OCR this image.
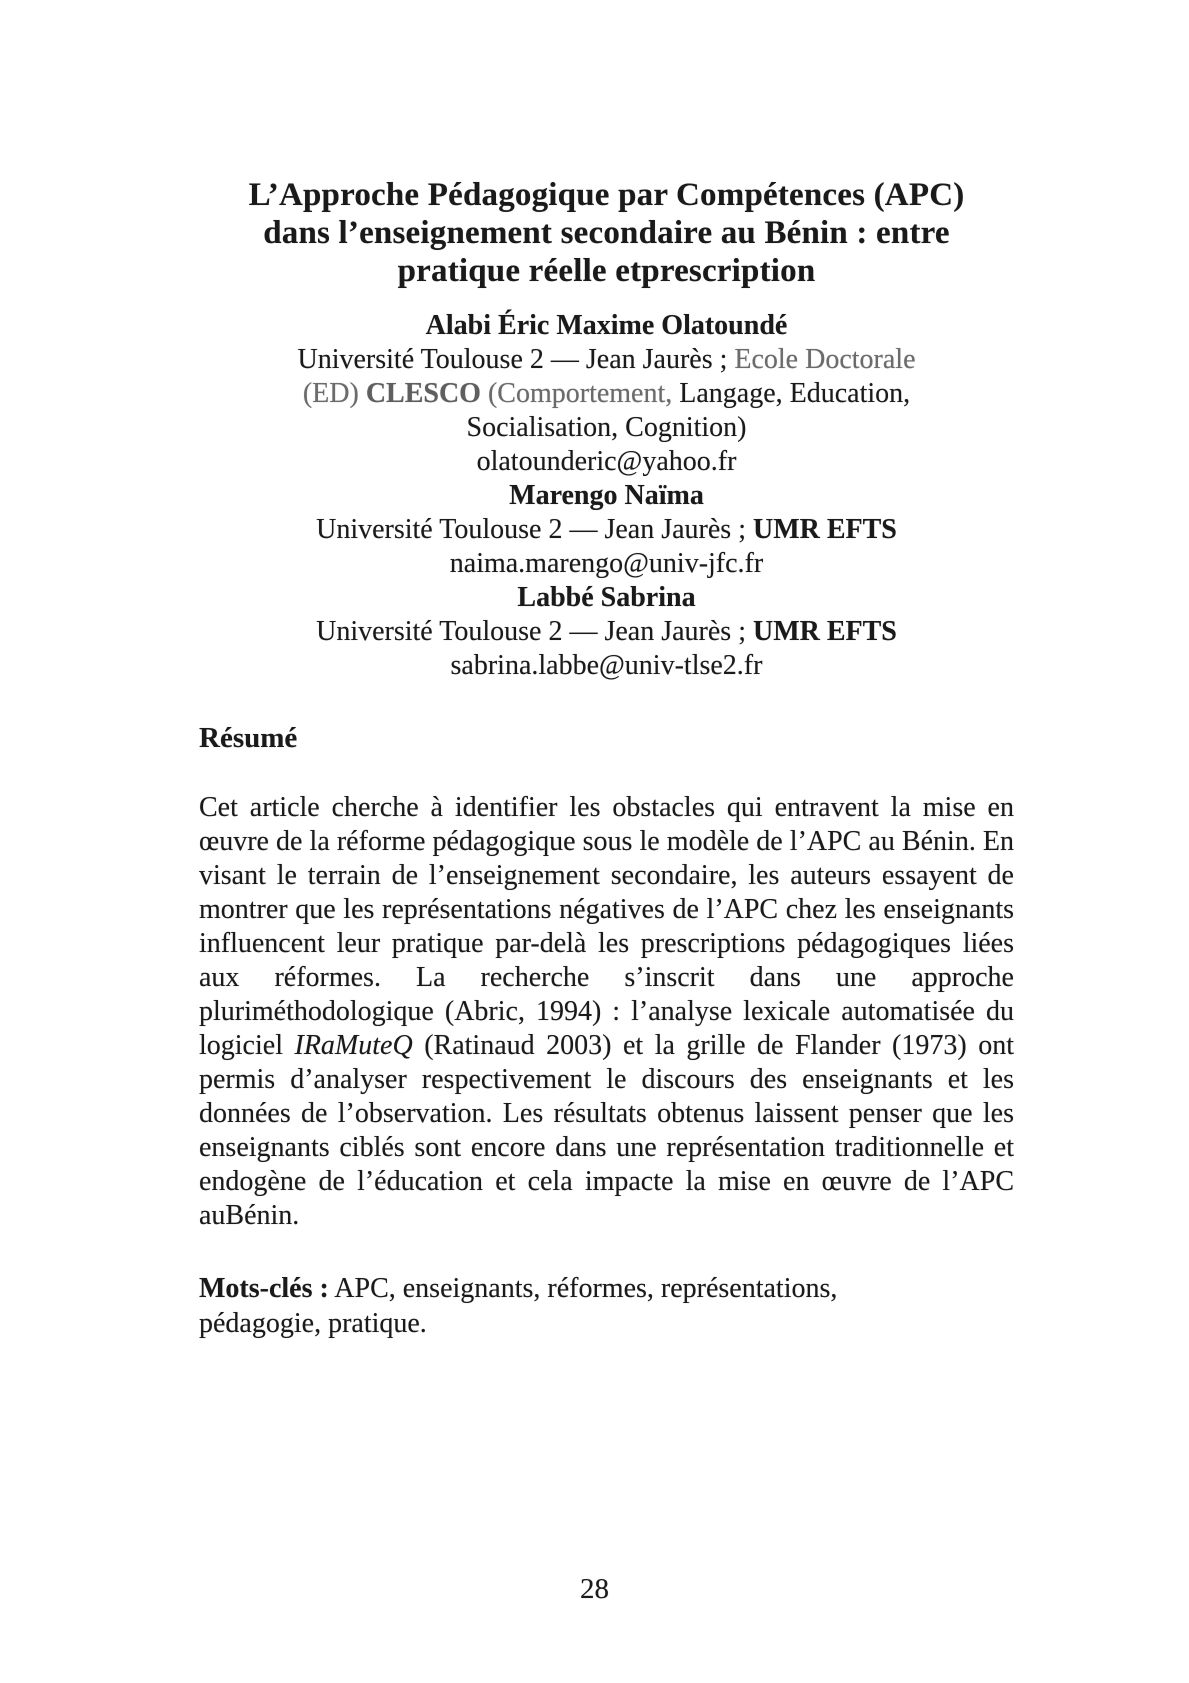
L’Approche Pédagogique par Compétences (APC)
dans l’enseignement secondaire au Bénin : entre
pratique réelle etprescription
Alabi Éric Maxime Olatoundé
Université Toulouse 2 — Jean Jaurès ; Ecole Doctorale
(ED) CLESCO (Comportement, Langage, Education,
Socialisation, Cognition)
olatounderic@yahoo.fr
Marengo Naïma
Université Toulouse 2 — Jean Jaurès ; UMR EFTS
naima.marengo@univ-jfc.fr
Labbé Sabrina
Université Toulouse 2 — Jean Jaurès ; UMR EFTS
sabrina.labbe@univ-tlse2.fr
Résumé
Cet article cherche à identifier les obstacles qui entravent la mise en œuvre de la réforme pédagogique sous le modèle de l’APC au Bénin. En visant le terrain de l’enseignement secondaire, les auteurs essayent de montrer que les représentations négatives de l’APC chez les enseignants influencent leur pratique par-delà les prescriptions pédagogiques liées aux réformes. La recherche s’inscrit dans une approche pluriméthodologique (Abric, 1994) : l’analyse lexicale automatisée du logiciel IRaMuteQ (Ratinaud 2003) et la grille de Flander (1973) ont permis d’analyser respectivement le discours des enseignants et les données de l’observation. Les résultats obtenus laissent penser que les enseignants ciblés sont encore dans une représentation traditionnelle et endogène de l’éducation et cela impacte la mise en œuvre de l’APC auBénin.
Mots-clés : APC, enseignants, réformes, représentations,
pédagogie, pratique.
28
